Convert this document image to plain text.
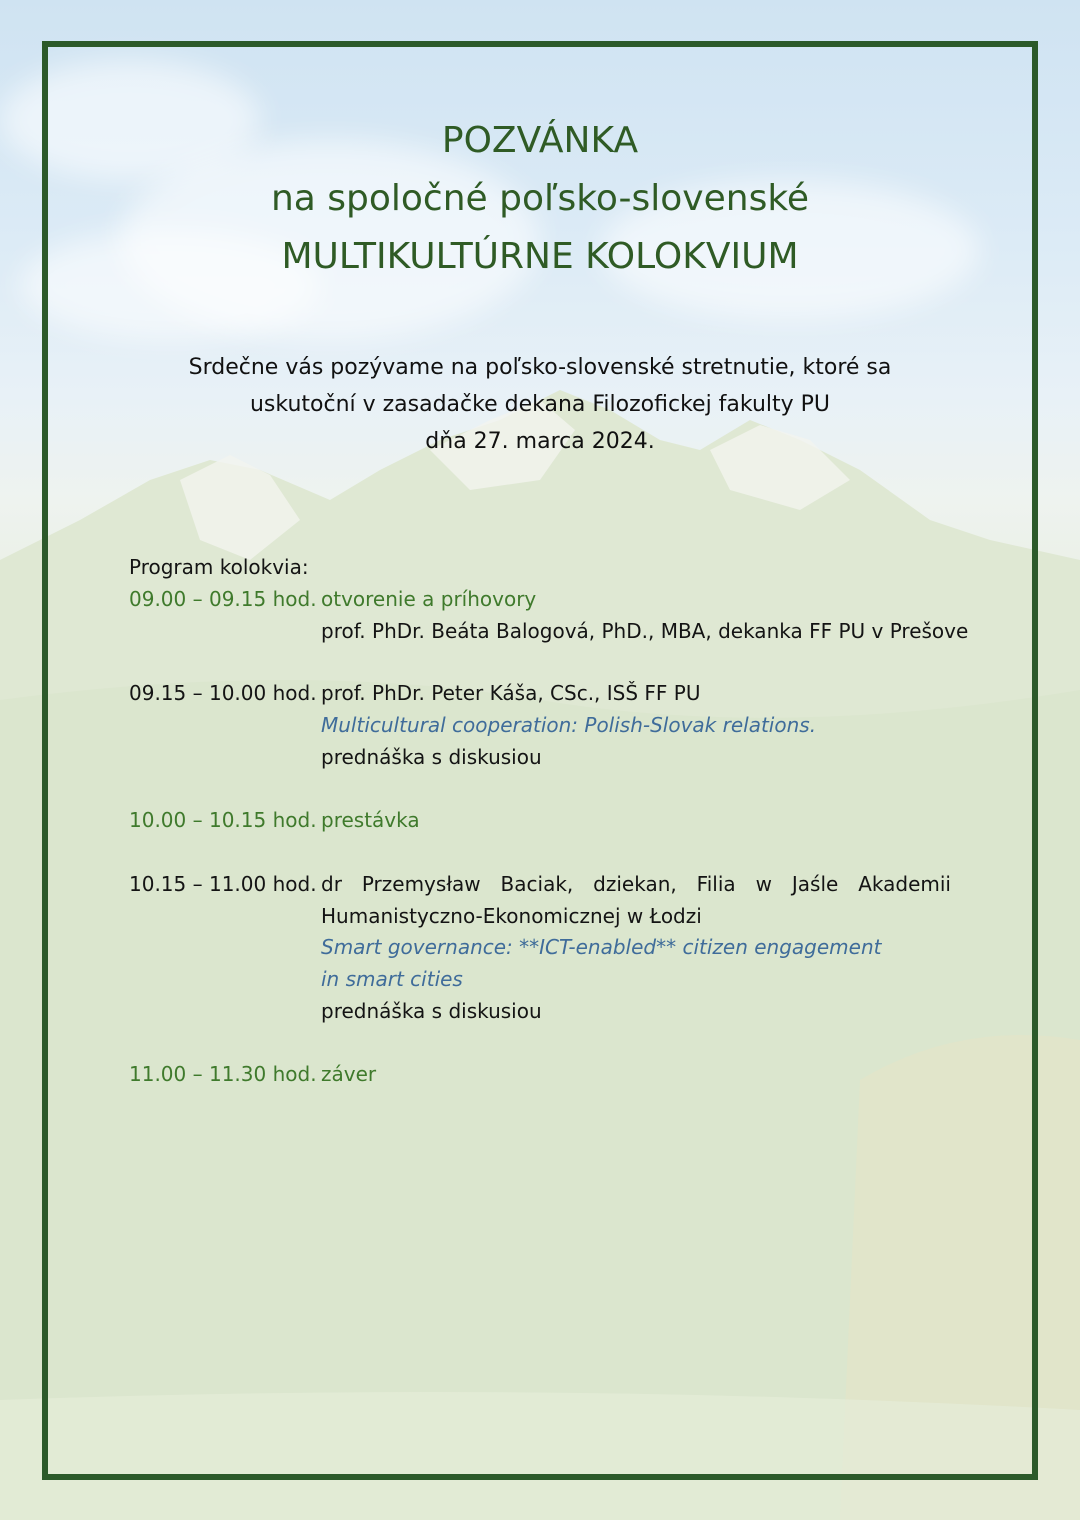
POZVÁNKA
na spoločné poľsko-slovenské
MULTIKULTÚRNE KOLOKVIUM
Srdečne vás pozývame na poľsko-slovenské stretnutie, ktoré sa
uskutoční v zasadačke dekana Filozofickej fakulty PU
dňa 27. marca 2024.
Program kolokvia:
09.00 – 09.15 hod. otvorenie a príhovory
prof. PhDr. Beáta Balogová, PhD., MBA, dekanka FF PU v Prešove
09.15 – 10.00 hod. prof. PhDr. Peter Káša, CSc., ISŠ FF PU
Multicultural cooperation: Polish-Slovak relations.
prednáška s diskusiou
10.00 – 10.15 hod. prestávka
10.15 – 11.00 hod. dr Przemysław Baciak, dziekan, Filia w Jaśle Akademii
Humanistyczno-Ekonomicznej w Łodzi
Smart governance: **ICT-enabled** citizen engagement
in smart cities
prednáška s diskusiou
11.00 – 11.30 hod. záver
